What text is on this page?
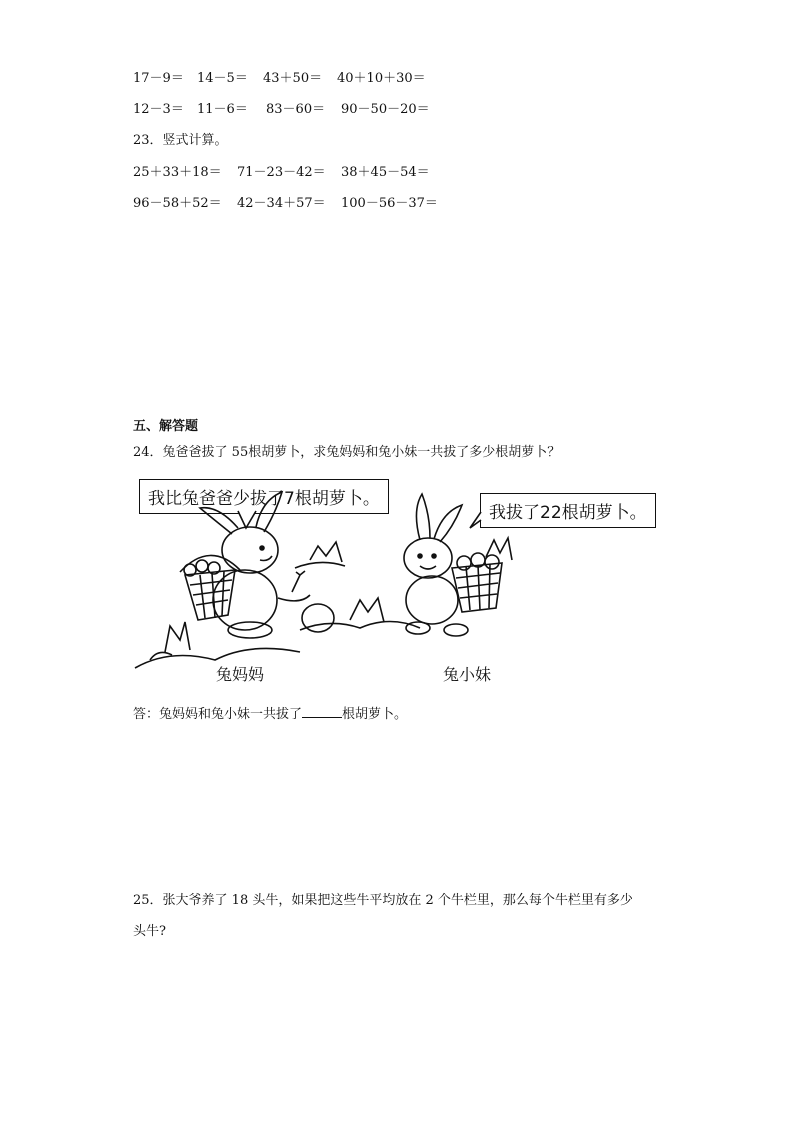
17－9＝ 14－5＝ 43＋50＝ 40＋10＋30＝
12－3＝ 11－6＝ 83－60＝ 90－50－20＝
23．竖式计算。
25＋33＋18＝ 71－23－42＝ 38＋45－54＝
96－58＋52＝ 42－34＋57＝ 100－56－37＝
五、解答题
24．兔爸爸拔了 55根胡萝卜，求兔妈妈和兔小妹一共拔了多少根胡萝卜？
我比兔爸爸少拔了7根胡萝卜。
我拔了22根胡萝卜。
兔妈妈	兔小妹
答：兔妈妈和兔小妹一共拔了	根胡萝卜。
25．张大爷养了 18 头牛，如果把这些牛平均放在 2 个牛栏里，那么每个牛栏里有多少
头牛?
